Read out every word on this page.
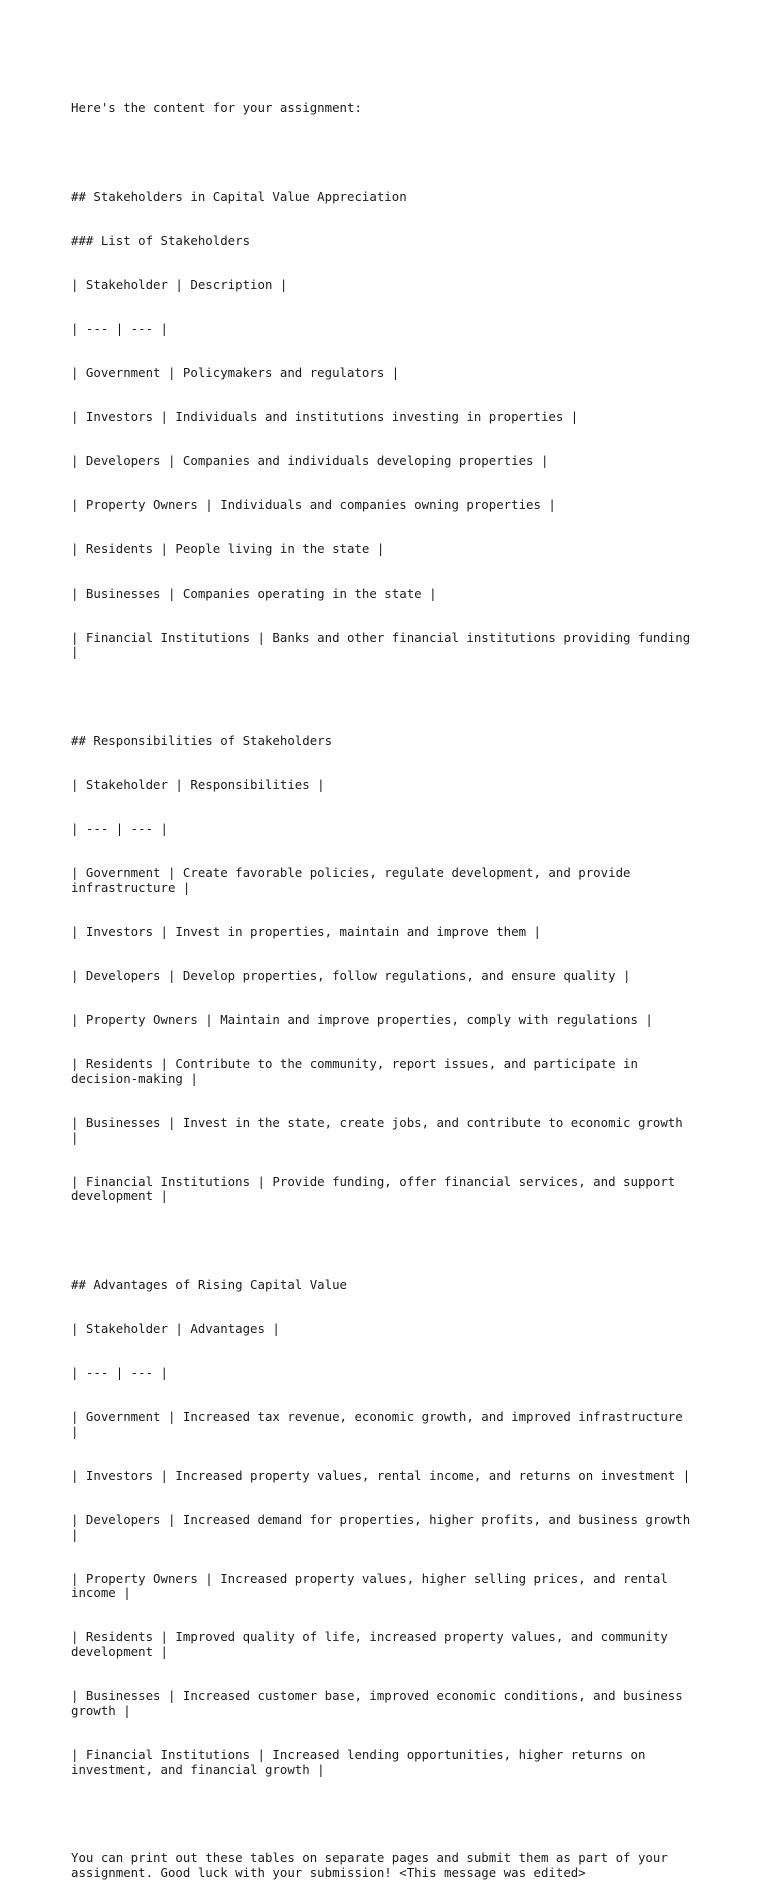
Here's the content for your assignment:

## Stakeholders in Capital Value Appreciation

### List of Stakeholders

| Stakeholder | Description |

| --- | --- |

| Government | Policymakers and regulators |

| Investors | Individuals and institutions investing in properties |

| Developers | Companies and individuals developing properties |

| Property Owners | Individuals and companies owning properties |

| Residents | People living in the state |

| Businesses | Companies operating in the state |

| Financial Institutions | Banks and other financial institutions providing funding
|

## Responsibilities of Stakeholders

| Stakeholder | Responsibilities |

| --- | --- |

| Government | Create favorable policies, regulate development, and provide
infrastructure |

| Investors | Invest in properties, maintain and improve them |

| Developers | Develop properties, follow regulations, and ensure quality |

| Property Owners | Maintain and improve properties, comply with regulations |

| Residents | Contribute to the community, report issues, and participate in
decision-making |

| Businesses | Invest in the state, create jobs, and contribute to economic growth
|

| Financial Institutions | Provide funding, offer financial services, and support
development |

## Advantages of Rising Capital Value

| Stakeholder | Advantages |

| --- | --- |

| Government | Increased tax revenue, economic growth, and improved infrastructure
|

| Investors | Increased property values, rental income, and returns on investment |

| Developers | Increased demand for properties, higher profits, and business growth
|

| Property Owners | Increased property values, higher selling prices, and rental
income |

| Residents | Improved quality of life, increased property values, and community
development |

| Businesses | Increased customer base, improved economic conditions, and business
growth |

| Financial Institutions | Increased lending opportunities, higher returns on
investment, and financial growth |

You can print out these tables on separate pages and submit them as part of your
assignment. Good luck with your submission! <This message was edited>
